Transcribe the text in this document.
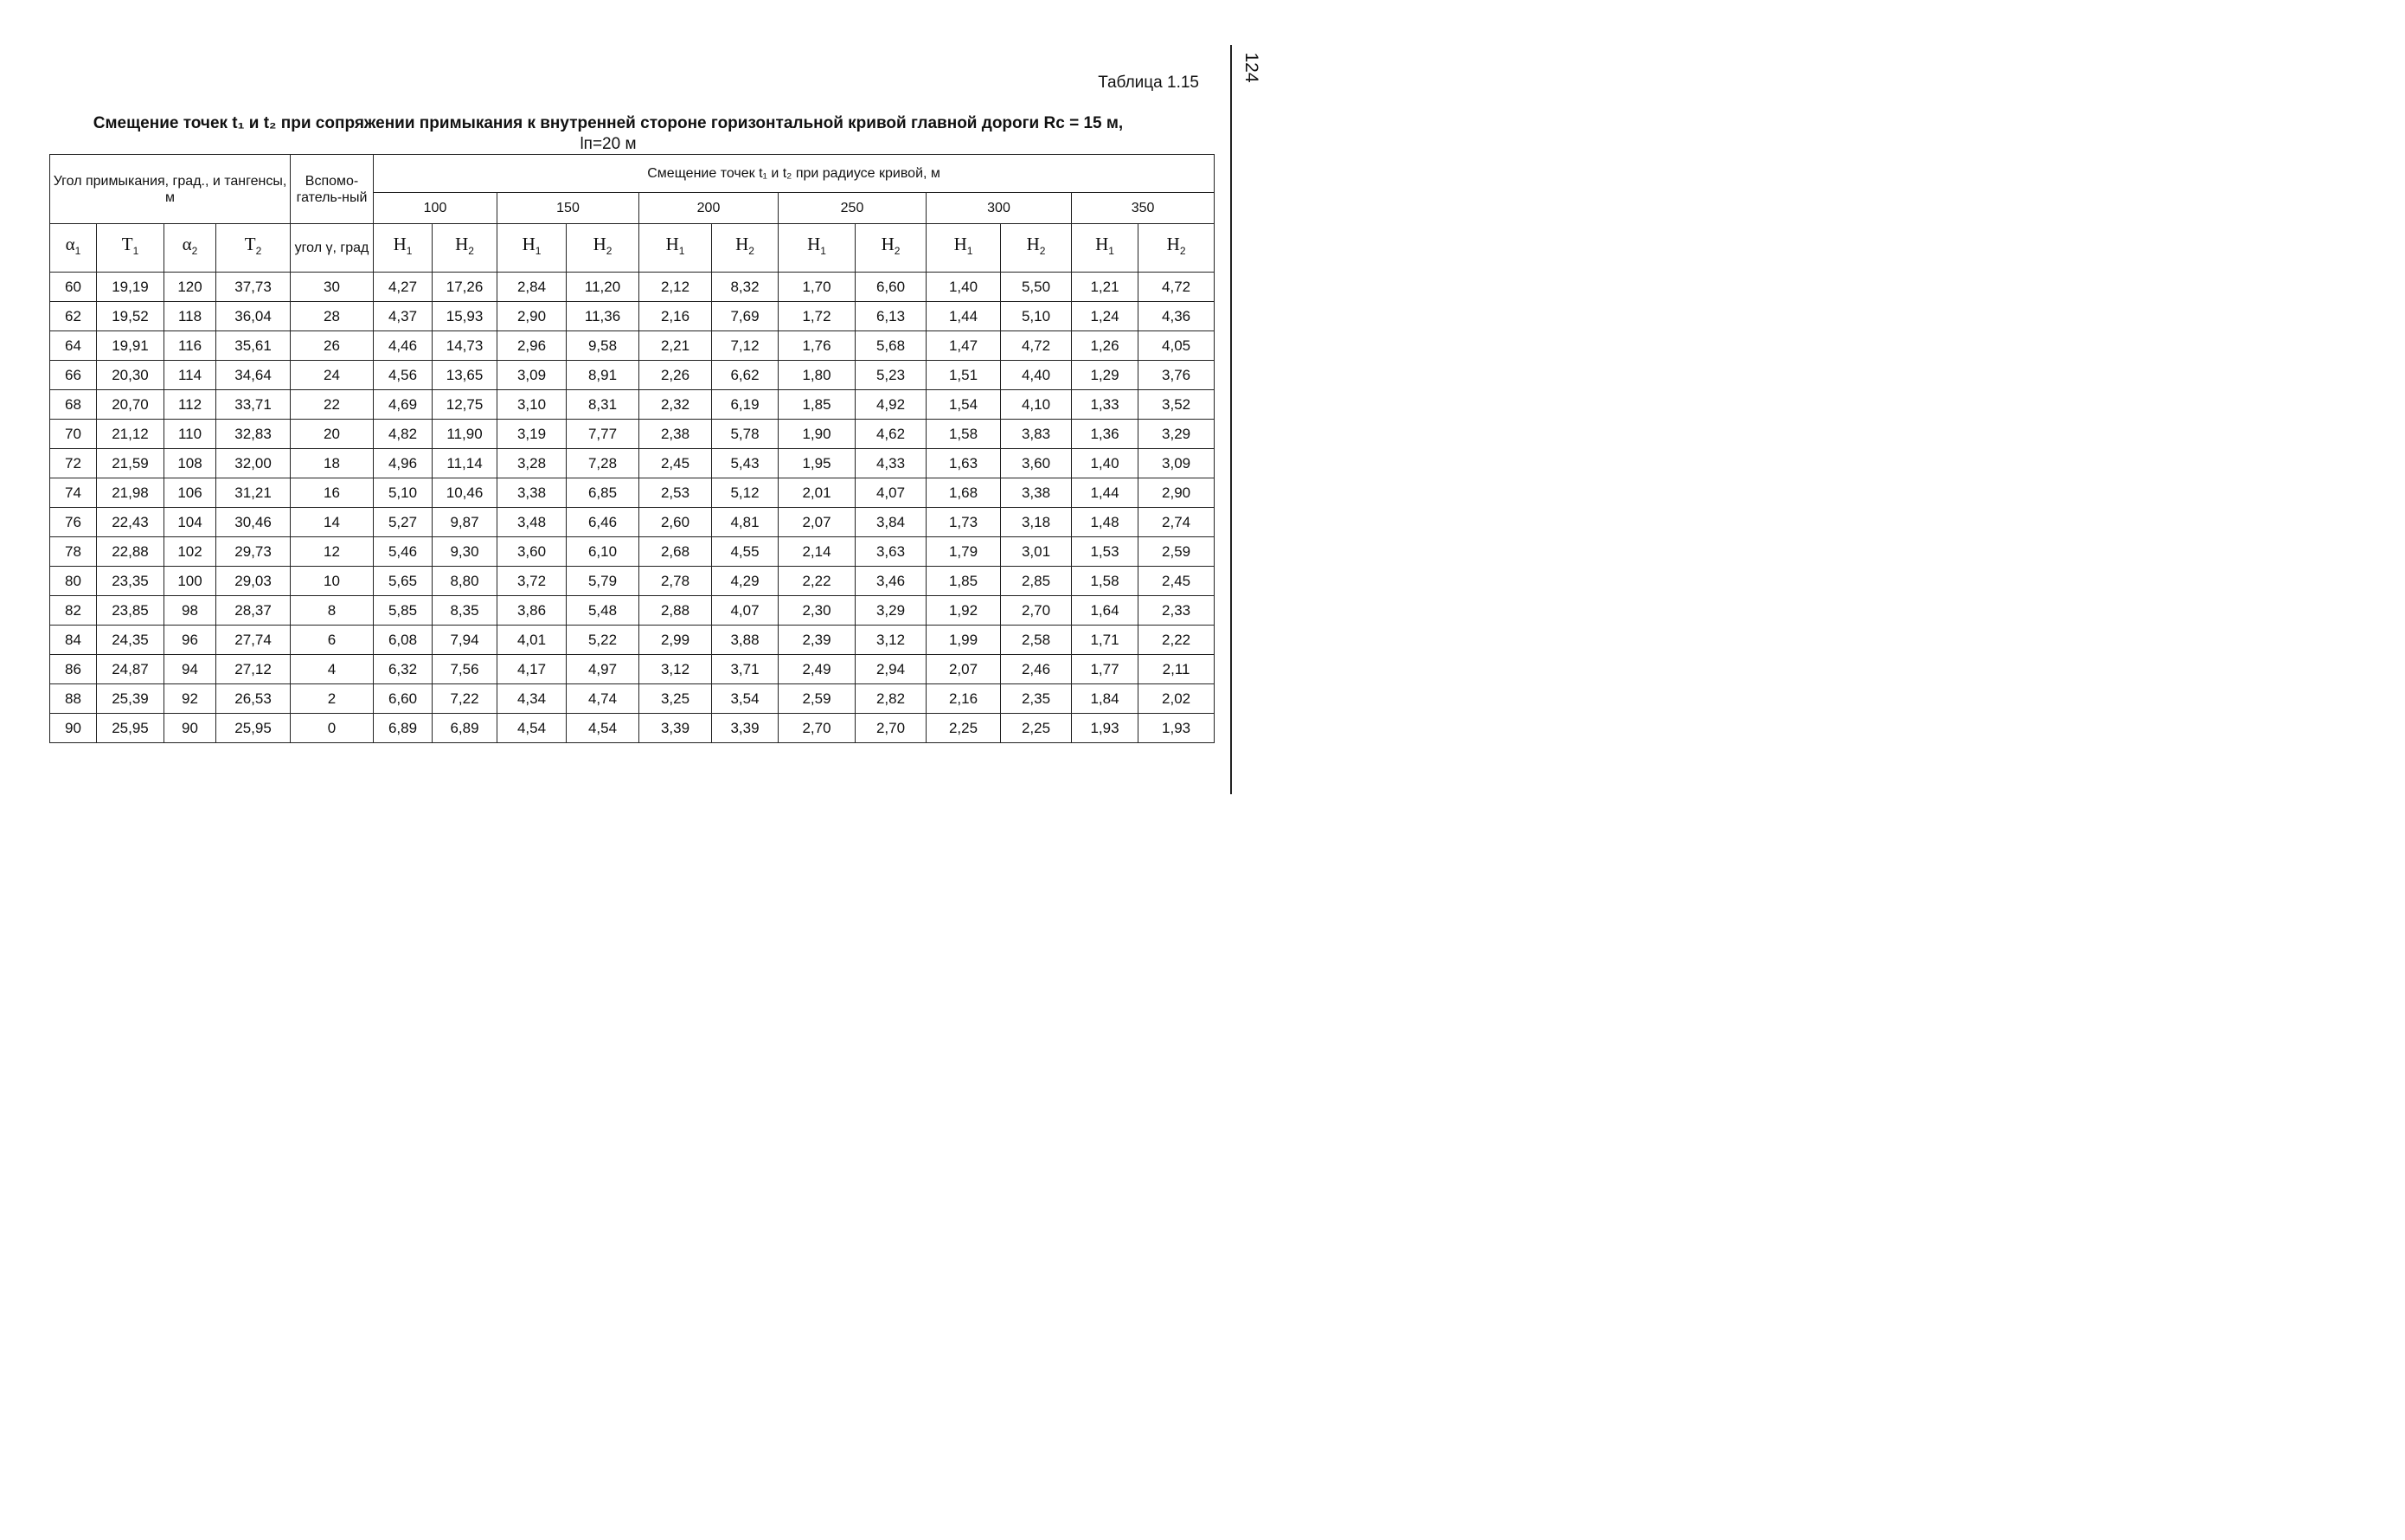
124
Таблица 1.15
Смещение точек t₁ и t₂ при сопряжении примыкания к внутренней стороне горизонтальной кривой главной дороги Rс = 15 м,
lп=20 м
Угол примыкания, град., и тангенсы, м				Вспомо-гатель-ный	Смещение точек t₁ и t₂ при радиусе кривой, м											
					100		150		200		250		300		350	
$\alpha_1$	$T_1$	$\alpha_2$	$T_2$	угол γ, град	$H_1$	$H_2$	$H_1$	$H_2$	$H_1$	$H_2$	$H_1$	$H_2$	$H_1$	$H_2$	$H_1$	$H_2$
60	19,19	120	37,73	30	4,27	17,26	2,84	11,20	2,12	8,32	1,70	6,60	1,40	5,50	1,21	4,72
62	19,52	118	36,04	28	4,37	15,93	2,90	11,36	2,16	7,69	1,72	6,13	1,44	5,10	1,24	4,36
64	19,91	116	35,61	26	4,46	14,73	2,96	9,58	2,21	7,12	1,76	5,68	1,47	4,72	1,26	4,05
66	20,30	114	34,64	24	4,56	13,65	3,09	8,91	2,26	6,62	1,80	5,23	1,51	4,40	1,29	3,76
68	20,70	112	33,71	22	4,69	12,75	3,10	8,31	2,32	6,19	1,85	4,92	1,54	4,10	1,33	3,52
70	21,12	110	32,83	20	4,82	11,90	3,19	7,77	2,38	5,78	1,90	4,62	1,58	3,83	1,36	3,29
72	21,59	108	32,00	18	4,96	11,14	3,28	7,28	2,45	5,43	1,95	4,33	1,63	3,60	1,40	3,09
74	21,98	106	31,21	16	5,10	10,46	3,38	6,85	2,53	5,12	2,01	4,07	1,68	3,38	1,44	2,90
76	22,43	104	30,46	14	5,27	9,87	3,48	6,46	2,60	4,81	2,07	3,84	1,73	3,18	1,48	2,74
78	22,88	102	29,73	12	5,46	9,30	3,60	6,10	2,68	4,55	2,14	3,63	1,79	3,01	1,53	2,59
80	23,35	100	29,03	10	5,65	8,80	3,72	5,79	2,78	4,29	2,22	3,46	1,85	2,85	1,58	2,45
82	23,85	98	28,37	8	5,85	8,35	3,86	5,48	2,88	4,07	2,30	3,29	1,92	2,70	1,64	2,33
84	24,35	96	27,74	6	6,08	7,94	4,01	5,22	2,99	3,88	2,39	3,12	1,99	2,58	1,71	2,22
86	24,87	94	27,12	4	6,32	7,56	4,17	4,97	3,12	3,71	2,49	2,94	2,07	2,46	1,77	2,11
88	25,39	92	26,53	2	6,60	7,22	4,34	4,74	3,25	3,54	2,59	2,82	2,16	2,35	1,84	2,02
90	25,95	90	25,95	0	6,89	6,89	4,54	4,54	3,39	3,39	2,70	2,70	2,25	2,25	1,93	1,93
